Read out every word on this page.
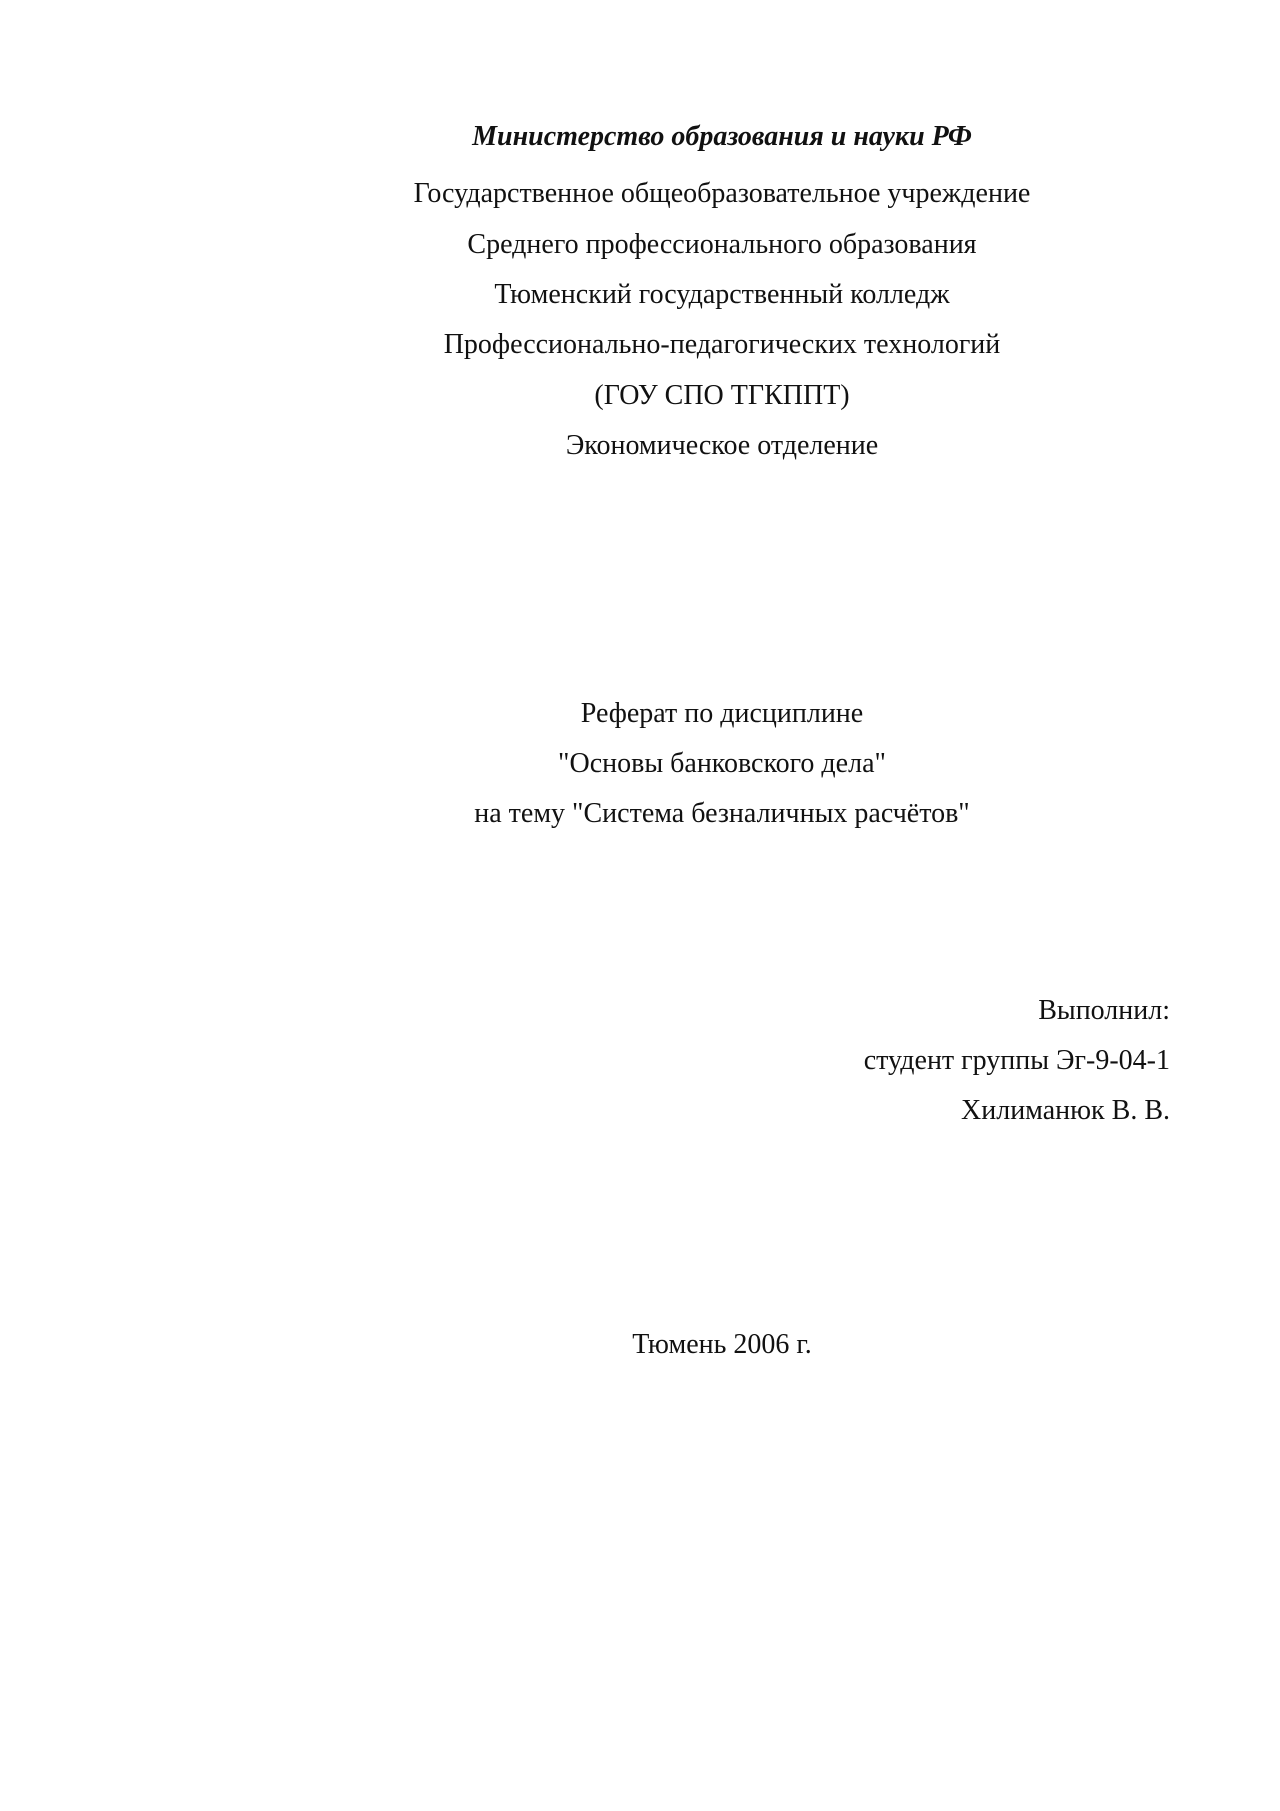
Министерство образования и науки РФ
Государственное общеобразовательное учреждение
Среднего профессионального образования
Тюменский государственный колледж
Профессионально-педагогических технологий
(ГОУ СПО ТГКППТ)
Экономическое отделение
Реферат по дисциплине
"Основы банковского дела"
на тему "Система безналичных расчётов"
Выполнил:
студент группы Эг-9-04-1
Хилиманюк В. В.
Тюмень 2006 г.
